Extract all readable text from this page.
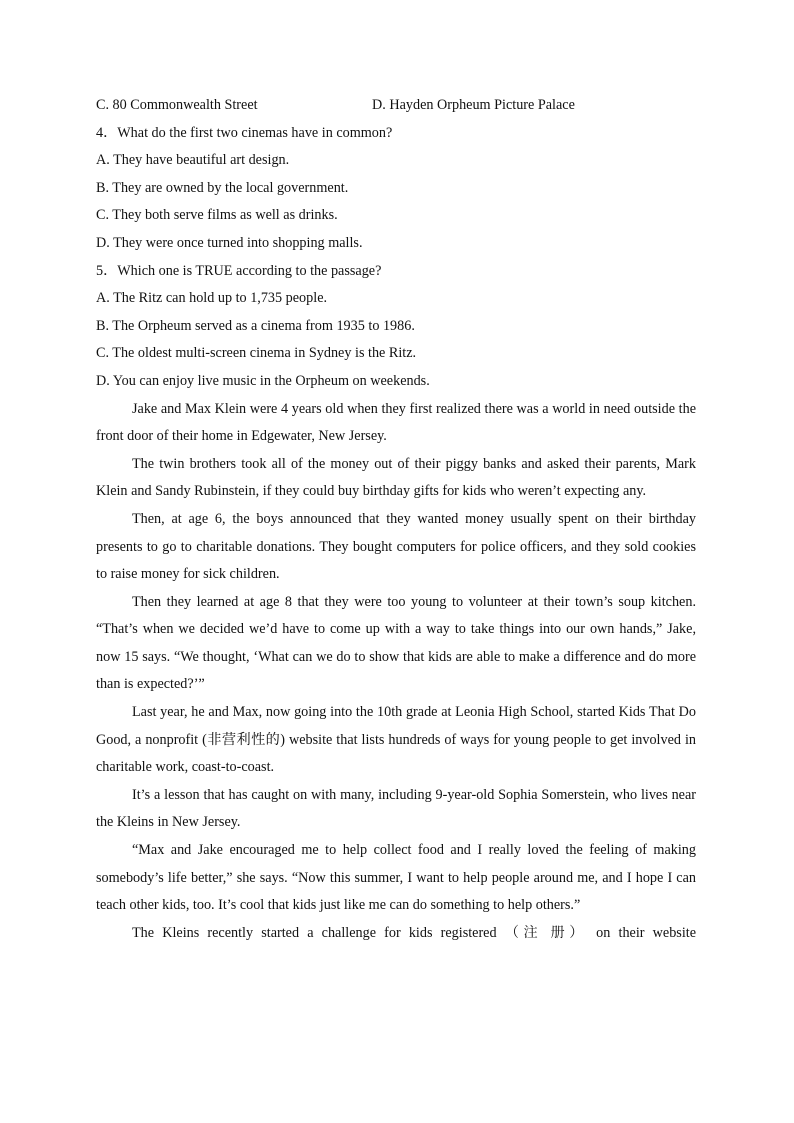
C. 80 Commonwealth Street	D. Hayden Orpheum Picture Palace

4．What do the first two cinemas have in common?

A. They have beautiful art design.

B. They are owned by the local government.

C. They both serve films as well as drinks.

D. They were once turned into shopping malls.

5．Which one is TRUE according to the passage?

A. The Ritz can hold up to 1,735 people.

B. The Orpheum served as a cinema from 1935 to 1986.

C. The oldest multi-screen cinema in Sydney is the Ritz.

D. You can enjoy live music in the Orpheum on weekends.

Jake and Max Klein were 4 years old when they first realized there was a world in need outside the front door of their home in Edgewater, New Jersey.

The twin brothers took all of the money out of their piggy banks and asked their parents, Mark Klein and Sandy Rubinstein, if they could buy birthday gifts for kids who weren’t expecting any.

Then, at age 6, the boys announced that they wanted money usually spent on their birthday presents to go to charitable donations. They bought computers for police officers, and they sold cookies to raise money for sick children.

Then they learned at age 8 that they were too young to volunteer at their town’s soup kitchen. “That’s when we decided we’d have to come up with a way to take things into our own hands,” Jake, now 15 says. “We thought, ‘What can we do to show that kids are able to make a difference and do more than is expected?’”

Last year, he and Max, now going into the 10th grade at Leonia High School, started Kids That Do Good, a nonprofit (非营利性的) website that lists hundreds of ways for young people to get involved in charitable work, coast-to-coast.

It’s a lesson that has caught on with many, including 9-year-old Sophia Somerstein, who lives near the Kleins in New Jersey.

“Max and Jake encouraged me to help collect food and I really loved the feeling of making somebody’s life better,” she says. “Now this summer, I want to help people around me, and I hope I can teach other kids, too. It’s cool that kids just like me can do something to help others.”

The Kleins recently started a challenge for kids registered （注 册） on their website
